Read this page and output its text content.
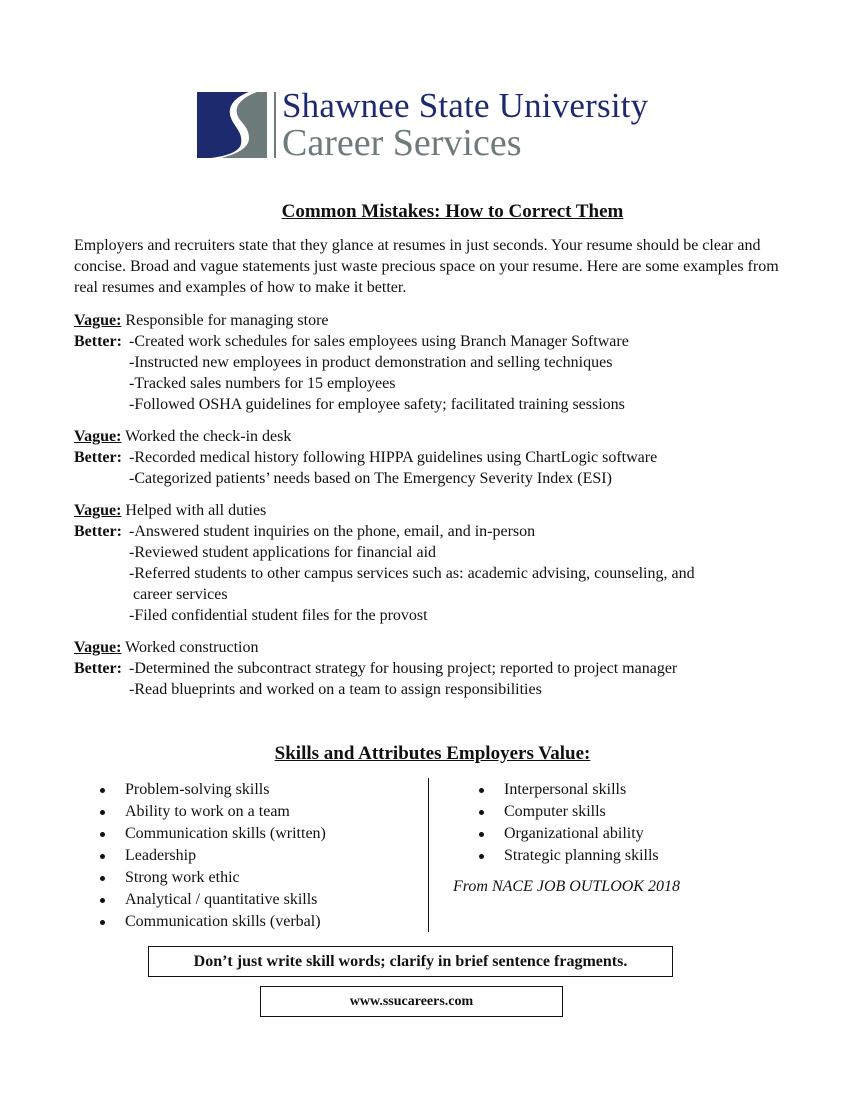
Shawnee State University
Career Services
Common Mistakes: How to Correct Them
Employers and recruiters state that they glance at resumes in just seconds. Your resume should be clear and concise. Broad and vague statements just waste precious space on your resume. Here are some examples from real resumes and examples of how to make it better.
Vague: Responsible for managing store
Better: -Created work schedules for sales employees using Branch Manager Software
-Instructed new employees in product demonstration and selling techniques
-Tracked sales numbers for 15 employees
-Followed OSHA guidelines for employee safety; facilitated training sessions
Vague: Worked the check-in desk
Better: -Recorded medical history following HIPPA guidelines using ChartLogic software
-Categorized patients’ needs based on The Emergency Severity Index (ESI)
Vague: Helped with all duties
Better: -Answered student inquiries on the phone, email, and in-person
-Reviewed student applications for financial aid
-Referred students to other campus services such as: academic advising, counseling, and
career services
-Filed confidential student files for the provost
Vague: Worked construction
Better: -Determined the subcontract strategy for housing project; reported to project manager
-Read blueprints and worked on a team to assign responsibilities
Skills and Attributes Employers Value:
Problem-solving skills
Ability to work on a team
Communication skills (written)
Leadership
Strong work ethic
Analytical / quantitative skills
Communication skills (verbal)
Interpersonal skills
Computer skills
Organizational ability
Strategic planning skills
From NACE JOB OUTLOOK 2018
Don’t just write skill words; clarify in brief sentence fragments.
www.ssucareers.com
